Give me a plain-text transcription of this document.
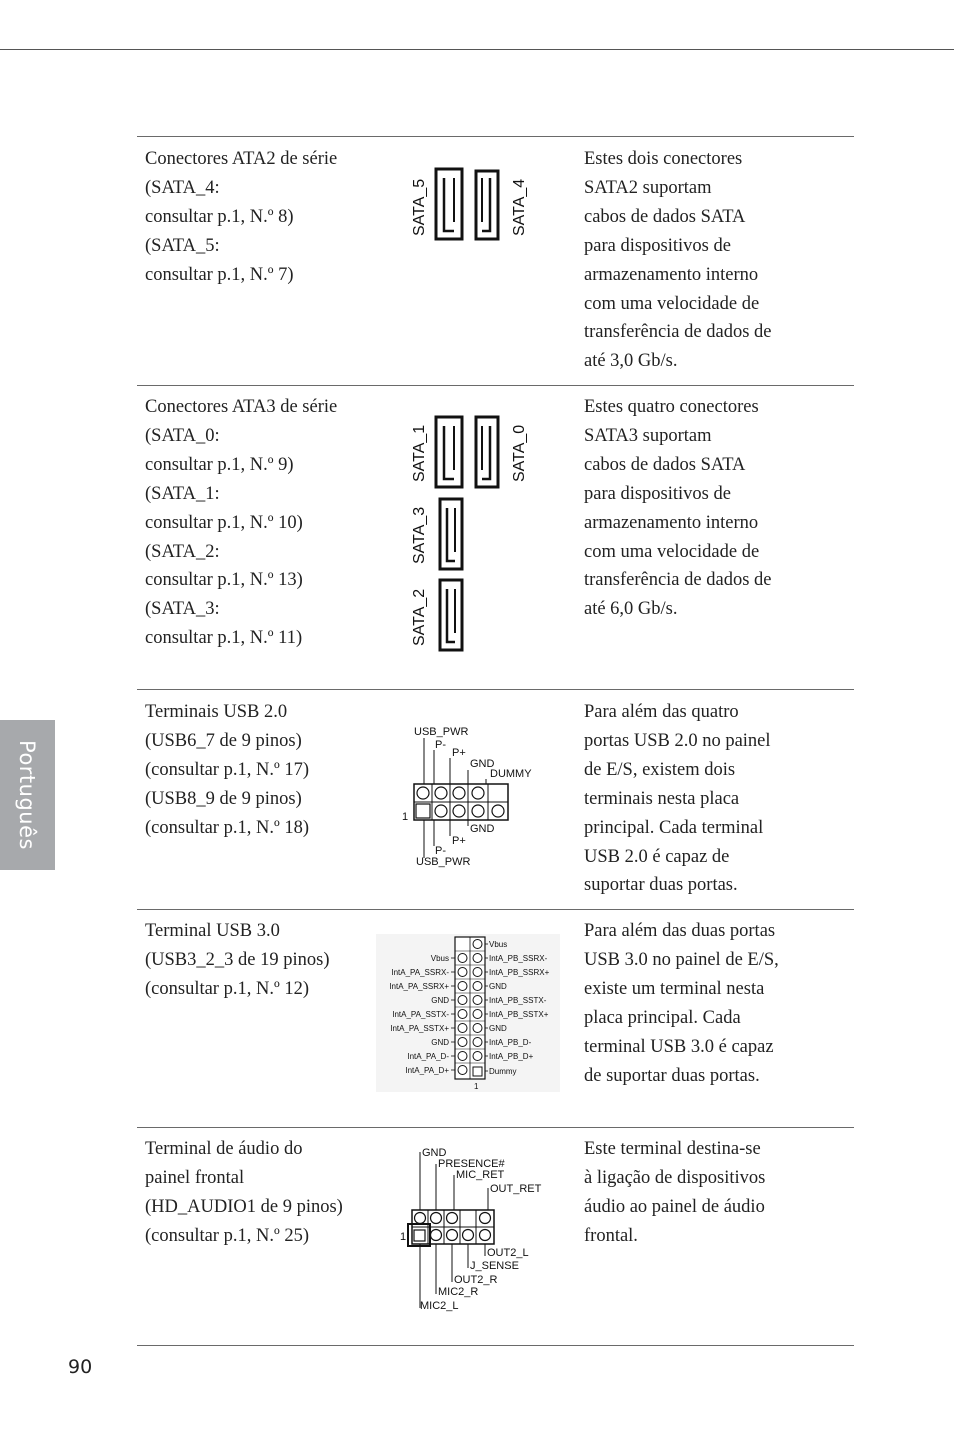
Conectores ATA2 de série
(SATA_4:
consultar p.1, N.º 8)
(SATA_5:
consultar p.1, N.º 7)
SATA_5	SATA_4
Estes dois conectores
SATA2 suportam
cabos de dados SATA
para dispositivos de
armazenamento interno
com uma velocidade de
transferência de dados de
até 3,0 Gb/s.
Conectores ATA3 de série
(SATA_0:
consultar p.1, N.º 9)
(SATA_1:
consultar p.1, N.º 10)
(SATA_2:
consultar p.1, N.º 13)
(SATA_3:
consultar p.1, N.º 11)
SATA_1	SATA_0
SATA_3
SATA_2
Estes quatro conectores
SATA3 suportam
cabos de dados SATA
para dispositivos de
armazenamento interno
com uma velocidade de
transferência de dados de
até 6,0 Gb/s.
Terminais USB 2.0
(USB6_7 de 9 pinos)
(consultar p.1, N.º 17)
(USB8_9 de 9 pinos)
(consultar p.1, N.º 18)
USB_PWR
P-
P+
GND
DUMMY
1
GND
P+
P-
USB_PWR
Para além das quatro
portas USB 2.0 no painel
de E/S, existem dois
terminais nesta placa
principal. Cada terminal
USB 2.0 é capaz de
suportar duas portas.
Terminal USB 3.0
(USB3_2_3 de 19 pinos)
(consultar p.1, N.º 12)
Vbus
IntA_PB_SSRX-
IntA_PB_SSRX+
GND
IntA_PB_SSTX-
IntA_PB_SSTX+
GND
IntA_PB_D-
IntA_PB_D+
Dummy
Vbus
IntA_PA_SSRX-
IntA_PA_SSRX+
GND
IntA_PA_SSTX-
IntA_PA_SSTX+
GND
IntA_PA_D-
IntA_PA_D+
1
Para além das duas portas
USB 3.0 no painel de E/S,
existe um terminal nesta
placa principal. Cada
terminal USB 3.0 é capaz
de suportar duas portas.
Terminal de áudio do
painel frontal
(HD_AUDIO1 de 9 pinos)
(consultar p.1, N.º 25)
GND
PRESENCE#
MIC_RET
OUT_RET
1
OUT2_L
J_SENSE
OUT2_R
MIC2_R
MIC2_L
Este terminal destina-se
à ligação de dispositivos
áudio ao painel de áudio
frontal.
Português
90
